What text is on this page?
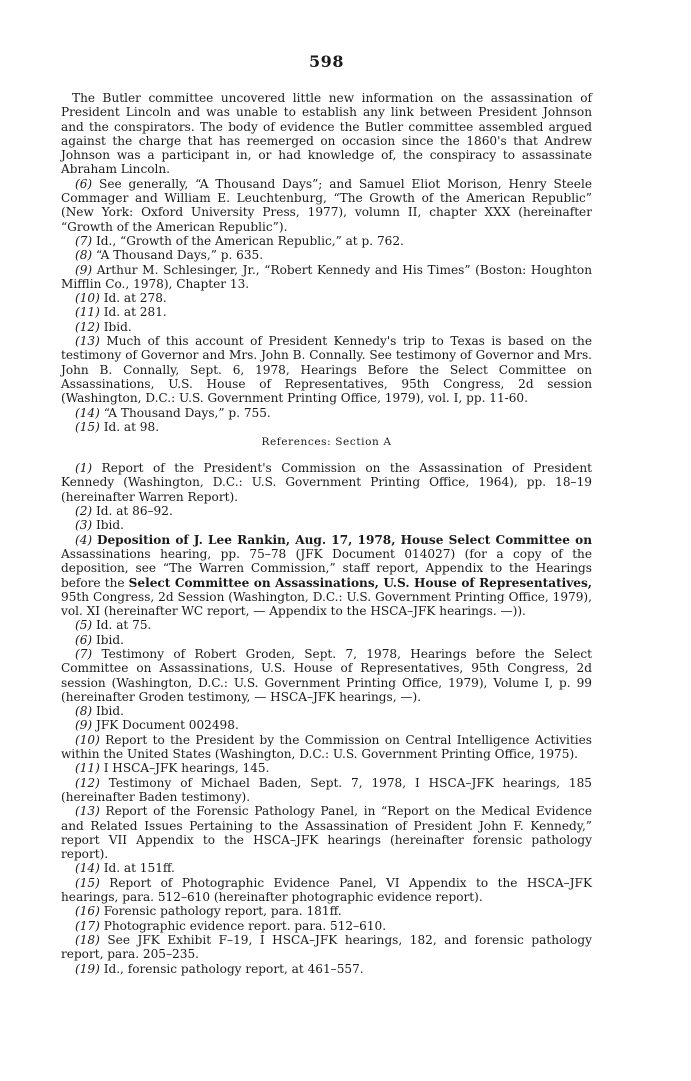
598

The Butler committee uncovered little new information on the assassination of President Lincoln and was unable to establish any link between President Johnson and the conspirators. The body of evidence the Butler committee assembled argued against the charge that has reemerged on occasion since the 1860's that Andrew Johnson was a participant in, or had knowledge of, the conspiracy to assassinate Abraham Lincoln.

(6) See generally, “A Thousand Days”; and Samuel Eliot Morison, Henry Steele Commager and William E. Leuchtenburg, “The Growth of the American Republic” (New York: Oxford University Press, 1977), volumn II, chapter XXX (hereinafter “Growth of the American Republic”).

(7) Id., “Growth of the American Republic,” at p. 762.

(8) “A Thousand Days,” p. 635.

(9) Arthur M. Schlesinger, Jr., “Robert Kennedy and His Times” (Boston: Houghton Mifflin Co., 1978), Chapter 13.

(10) Id. at 278.

(11) Id. at 281.

(12) Ibid.

(13) Much of this account of President Kennedy's trip to Texas is based on the testimony of Governor and Mrs. John B. Connally. See testimony of Governor and Mrs. John B. Connally, Sept. 6, 1978, Hearings Before the Select Committee on Assassinations, U.S. House of Representatives, 95th Congress, 2d session (Washington, D.C.: U.S. Government Printing Office, 1979), vol. I, pp. 11-60.

(14) “A Thousand Days,” p. 755.

(15) Id. at 98.

References: Section A

(1) Report of the President's Commission on the Assassination of President Kennedy (Washington, D.C.: U.S. Government Printing Office, 1964), pp. 18–19 (hereinafter Warren Report).

(2) Id. at 86–92.

(3) Ibid.

(4) Deposition of J. Lee Rankin, Aug. 17, 1978, House Select Committee on Assassinations hearing, pp. 75–78 (JFK Document 014027) (for a copy of the deposition, see “The Warren Commission,” staff report, Appendix to the Hearings before the Select Committee on Assassinations, U.S. House of Representatives, 95th Congress, 2d Session (Washington, D.C.: U.S. Government Printing Office, 1979), vol. XI (hereinafter WC report, — Appendix to the HSCA–JFK hearings. —)).

(5) Id. at 75.

(6) Ibid.

(7) Testimony of Robert Groden, Sept. 7, 1978, Hearings before the Select Committee on Assassinations, U.S. House of Representatives, 95th Congress, 2d session (Washington, D.C.: U.S. Government Printing Office, 1979), Volume I, p. 99 (hereinafter Groden testimony, — HSCA–JFK hearings, —).

(8) Ibid.

(9) JFK Document 002498.

(10) Report to the President by the Commission on Central Intelligence Activities within the United States (Washington, D.C.: U.S. Government Printing Office, 1975).

(11) I HSCA–JFK hearings, 145.

(12) Testimony of Michael Baden, Sept. 7, 1978, I HSCA–JFK hearings, 185 (hereinafter Baden testimony).

(13) Report of the Forensic Pathology Panel, in “Report on the Medical Evidence and Related Issues Pertaining to the Assassination of President John F. Kennedy,” report VII Appendix to the HSCA–JFK hearings (hereinafter forensic pathology report).

(14) Id. at 151ff.

(15) Report of Photographic Evidence Panel, VI Appendix to the HSCA–JFK hearings, para. 512–610 (hereinafter photographic evidence report).

(16) Forensic pathology report, para. 181ff.

(17) Photographic evidence report. para. 512–610.

(18) See JFK Exhibit F–19, I HSCA–JFK hearings, 182, and forensic pathology report, para. 205–235.

(19) Id., forensic pathology report, at 461–557.
